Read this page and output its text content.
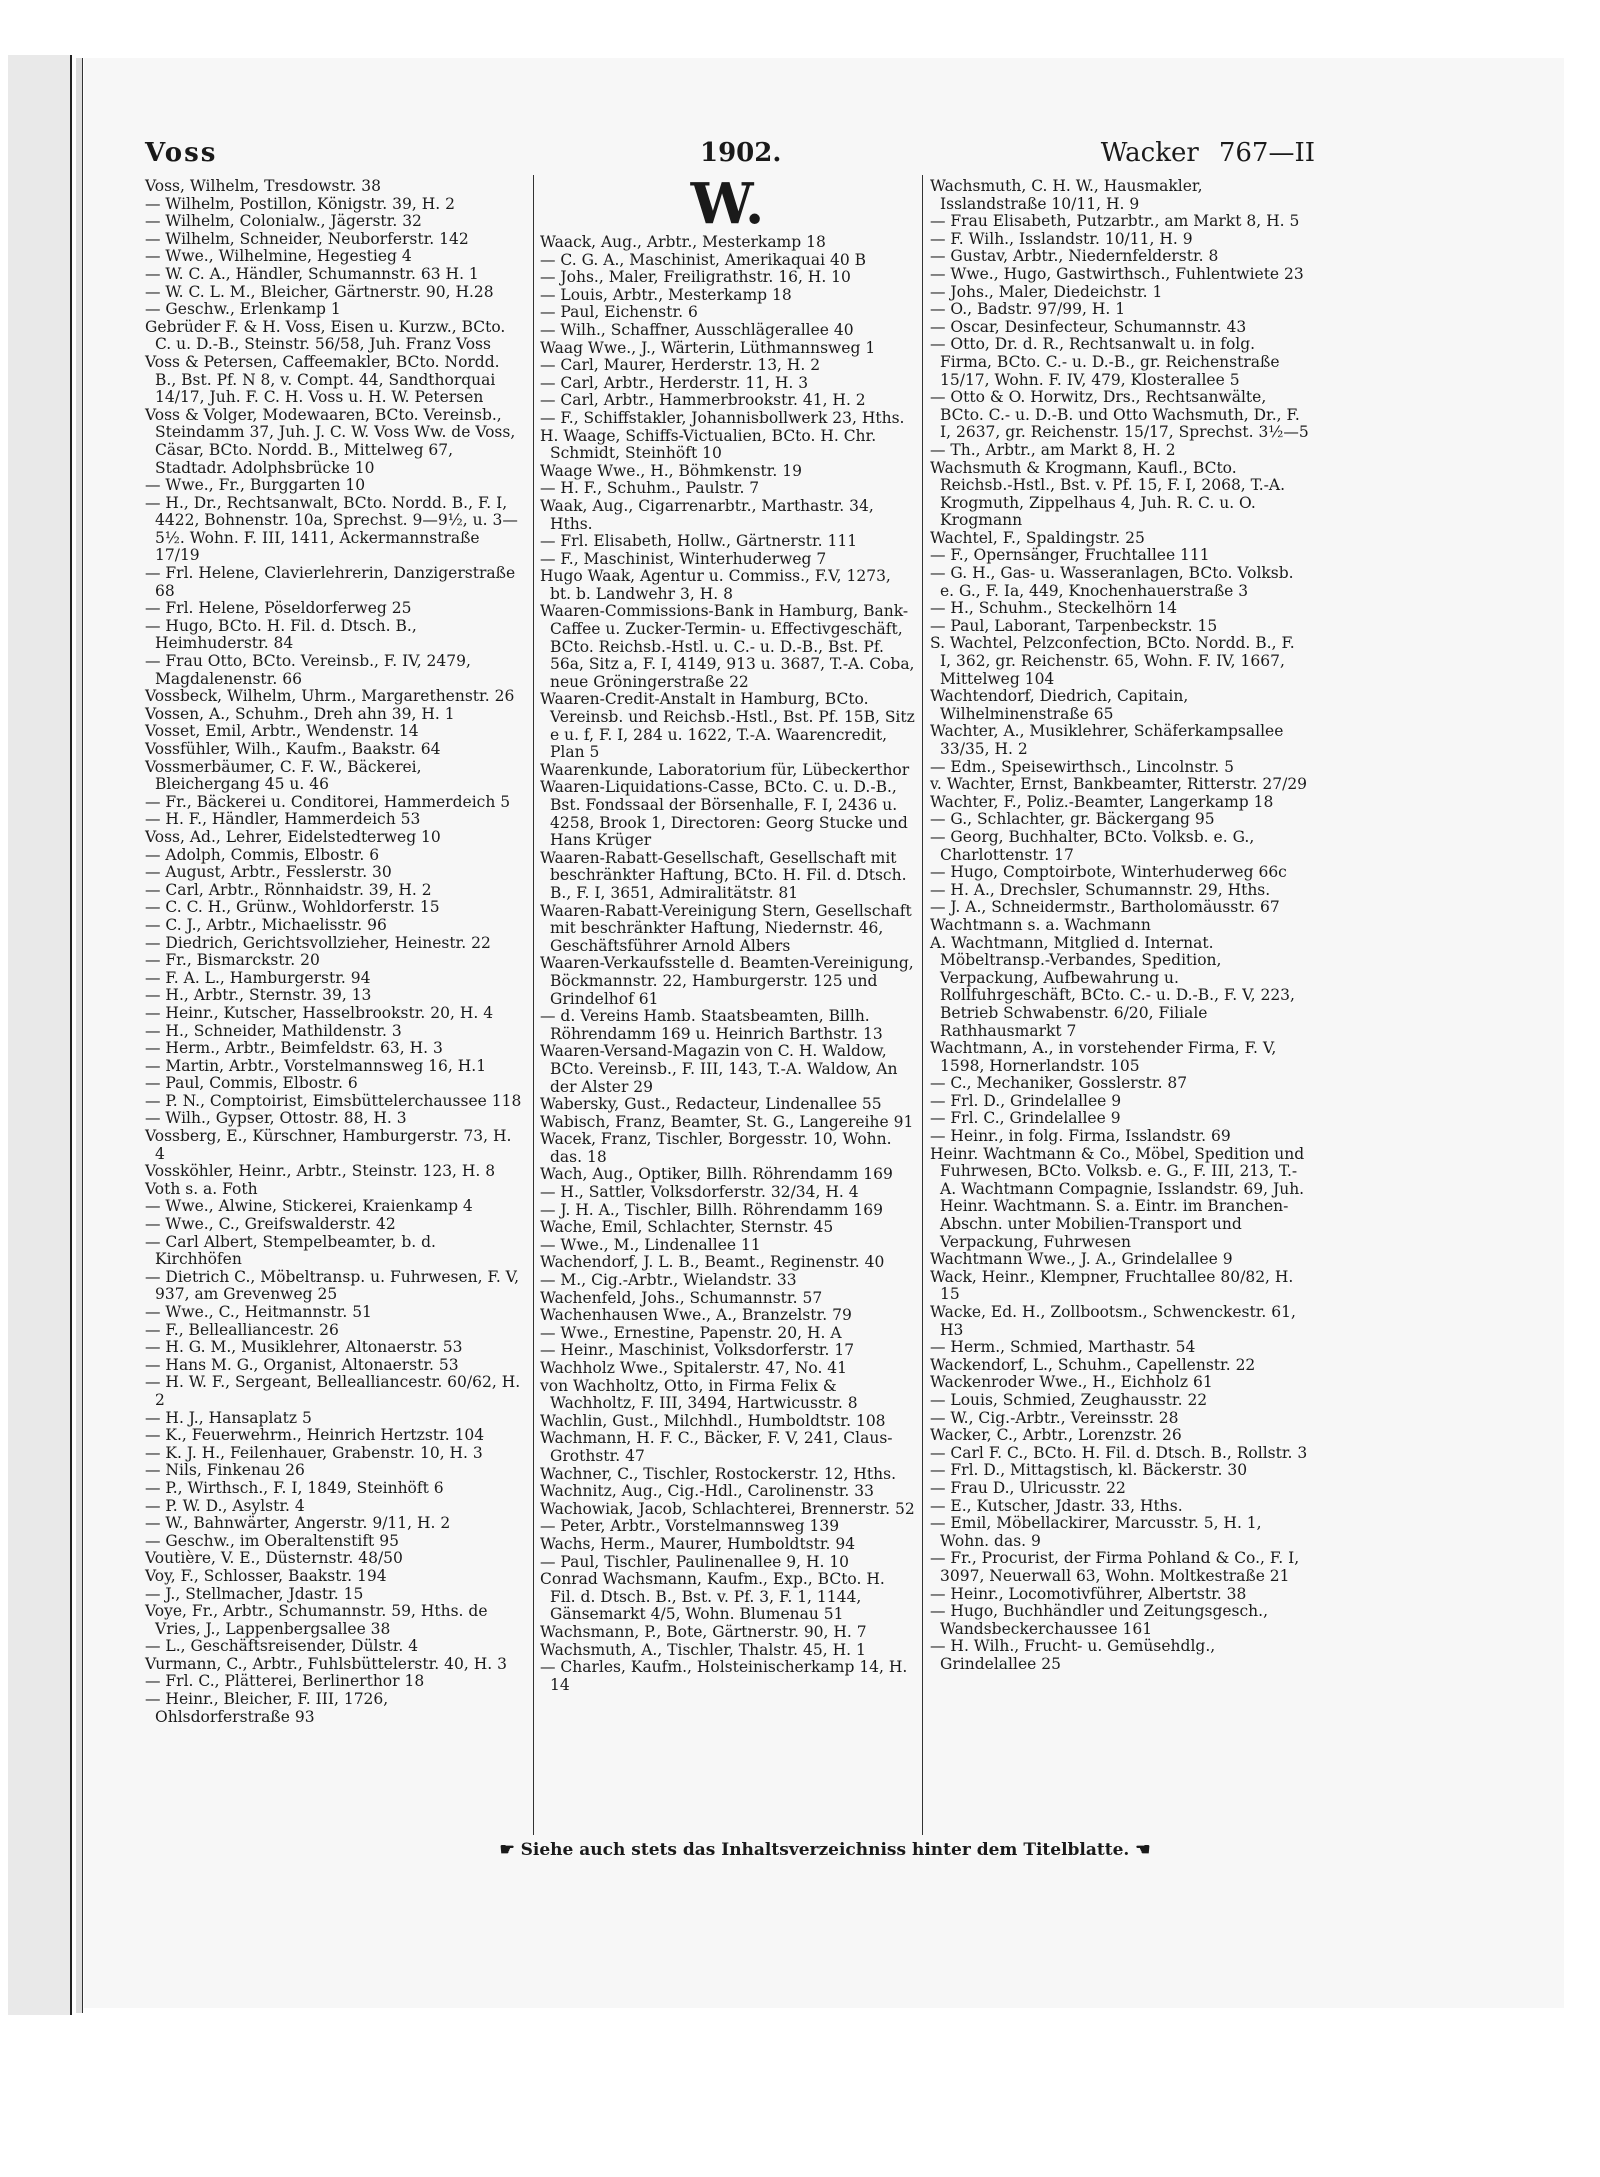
Voss	1902.	Wacker 767—II

Voss, Wilhelm, Tresdowstr. 38

— Wilhelm, Postillon, Königstr. 39, H. 2

— Wilhelm, Colonialw., Jägerstr. 32

— Wilhelm, Schneider, Neuborferstr. 142

— Wwe., Wilhelmine, Hegestieg 4

— W. C. A., Händler, Schumannstr. 63 H. 1

— W. C. L. M., Bleicher, Gärtnerstr. 90, H.28

— Geschw., Erlenkamp 1

Gebrüder F. & H. Voss, Eisen u. Kurzw., BCto. C. u. D.-B., Steinstr. 56/58, Juh. Franz Voss

Voss & Petersen, Caffeemakler, BCto. Nordd. B., Bst. Pf. N 8, v. Compt. 44, Sandthorquai 14/17, Juh. F. C. H. Voss u. H. W. Petersen

Voss & Volger, Modewaaren, BCto. Vereinsb., Steindamm 37, Juh. J. C. W. Voss Ww. de Voss, Cäsar, BCto. Nordd. B., Mittelweg 67, Stadtadr. Adolphsbrücke 10

— Wwe., Fr., Burggarten 10

— H., Dr., Rechtsanwalt, BCto. Nordd. B., F. I, 4422, Bohnenstr. 10a, Sprechst. 9—9½, u. 3—5½. Wohn. F. III, 1411, Ackermannstraße 17/19

— Frl. Helene, Clavierlehrerin, Danzigerstraße 68

— Frl. Helene, Pöseldorferweg 25

— Hugo, BCto. H. Fil. d. Dtsch. B., Heimhuderstr. 84

— Frau Otto, BCto. Vereinsb., F. IV, 2479, Magdalenenstr. 66

Vossbeck, Wilhelm, Uhrm., Margarethenstr. 26

Vossen, A., Schuhm., Dreh ahn 39, H. 1

Vosset, Emil, Arbtr., Wendenstr. 14

Vossfühler, Wilh., Kaufm., Baakstr. 64

Vossmerbäumer, C. F. W., Bäckerei, Bleichergang 45 u. 46

— Fr., Bäckerei u. Conditorei, Hammerdeich 5

— H. F., Händler, Hammerdeich 53

Voss, Ad., Lehrer, Eidelstedterweg 10

— Adolph, Commis, Elbostr. 6

— August, Arbtr., Fesslerstr. 30

— Carl, Arbtr., Rönnhaidstr. 39, H. 2

— C. C. H., Grünw., Wohldorferstr. 15

— C. J., Arbtr., Michaelisstr. 96

— Diedrich, Gerichtsvollzieher, Heinestr. 22

— Fr., Bismarckstr. 20

— F. A. L., Hamburgerstr. 94

— H., Arbtr., Sternstr. 39, 13

— Heinr., Kutscher, Hasselbrookstr. 20, H. 4

— H., Schneider, Mathildenstr. 3

— Herm., Arbtr., Beimfeldstr. 63, H. 3

— Martin, Arbtr., Vorstelmannsweg 16, H.1

— Paul, Commis, Elbostr. 6

— P. N., Comptoirist, Eimsbüttelerchaussee 118

— Wilh., Gypser, Ottostr. 88, H. 3

Vossberg, E., Kürschner, Hamburgerstr. 73, H. 4

Vossköhler, Heinr., Arbtr., Steinstr. 123, H. 8

Voth s. a. Foth

— Wwe., Alwine, Stickerei, Kraienkamp 4

— Wwe., C., Greifswalderstr. 42

— Carl Albert, Stempelbeamter, b. d. Kirchhöfen

— Dietrich C., Möbeltransp. u. Fuhrwesen, F. V, 937, am Grevenweg 25

— Wwe., C., Heitmannstr. 51

— F., Bellealliancestr. 26

— H. G. M., Musiklehrer, Altonaerstr. 53

— Hans M. G., Organist, Altonaerstr. 53

— H. W. F., Sergeant, Bellealliancestr. 60/62, H. 2

— H. J., Hansaplatz 5

— K., Feuerwehrm., Heinrich Hertzstr. 104

— K. J. H., Feilenhauer, Grabenstr. 10, H. 3

— Nils, Finkenau 26

— P., Wirthsch., F. I, 1849, Steinhöft 6

— P. W. D., Asylstr. 4

— W., Bahnwärter, Angerstr. 9/11, H. 2

— Geschw., im Oberaltenstift 95

Voutière, V. E., Düsternstr. 48/50

Voy, F., Schlosser, Baakstr. 194

— J., Stellmacher, Jdastr. 15

Voye, Fr., Arbtr., Schumannstr. 59, Hths. de Vries, J., Lappenbergsallee 38

— L., Geschäftsreisender, Dülstr. 4

Vurmann, C., Arbtr., Fuhlsbüttelerstr. 40, H. 3

— Frl. C., Plätterei, Berlinerthor 18

— Heinr., Bleicher, F. III, 1726, Ohlsdorferstraße 93

W.

Waack, Aug., Arbtr., Mesterkamp 18

— C. G. A., Maschinist, Amerikaquai 40 B

— Johs., Maler, Freiligrathstr. 16, H. 10

— Louis, Arbtr., Mesterkamp 18

— Paul, Eichenstr. 6

— Wilh., Schaffner, Ausschlägerallee 40

Waag Wwe., J., Wärterin, Lüthmannsweg 1

— Carl, Maurer, Herderstr. 13, H. 2

— Carl, Arbtr., Herderstr. 11, H. 3

— Carl, Arbtr., Hammerbrookstr. 41, H. 2

— F., Schiffstakler, Johannisbollwerk 23, Hths.

H. Waage, Schiffs-Victualien, BCto. H. Chr. Schmidt, Steinhöft 10

Waage Wwe., H., Böhmkenstr. 19

— H. F., Schuhm., Paulstr. 7

Waak, Aug., Cigarrenarbtr., Marthastr. 34, Hths.

— Frl. Elisabeth, Hollw., Gärtnerstr. 111

— F., Maschinist, Winterhuderweg 7

Hugo Waak, Agentur u. Commiss., F.V, 1273, bt. b. Landwehr 3, H. 8

Waaren-Commissions-Bank in Hamburg, Bank-Caffee u. Zucker-Termin- u. Effectivgeschäft, BCto. Reichsb.-Hstl. u. C.- u. D.-B., Bst. Pf. 56a, Sitz a, F. I, 4149, 913 u. 3687, T.-A. Coba, neue Gröningerstraße 22

Waaren-Credit-Anstalt in Hamburg, BCto. Vereinsb. und Reichsb.-Hstl., Bst. Pf. 15B, Sitz e u. f, F. I, 284 u. 1622, T.-A. Waarencredit, Plan 5

Waarenkunde, Laboratorium für, Lübeckerthor

Waaren-Liquidations-Casse, BCto. C. u. D.-B., Bst. Fondssaal der Börsenhalle, F. I, 2436 u. 4258, Brook 1, Directoren: Georg Stucke und Hans Krüger

Waaren-Rabatt-Gesellschaft, Gesellschaft mit beschränkter Haftung, BCto. H. Fil. d. Dtsch. B., F. I, 3651, Admiralitätstr. 81

Waaren-Rabatt-Vereinigung Stern, Gesellschaft mit beschränkter Haftung, Niedernstr. 46, Geschäftsführer Arnold Albers

Waaren-Verkaufsstelle d. Beamten-Vereinigung, Böckmannstr. 22, Hamburgerstr. 125 und Grindelhof 61

— d. Vereins Hamb. Staatsbeamten, Billh. Röhrendamm 169 u. Heinrich Barthstr. 13

Waaren-Versand-Magazin von C. H. Waldow, BCto. Vereinsb., F. III, 143, T.-A. Waldow, An der Alster 29

Wabersky, Gust., Redacteur, Lindenallee 55

Wabisch, Franz, Beamter, St. G., Langereihe 91

Wacek, Franz, Tischler, Borgesstr. 10, Wohn. das. 18

Wach, Aug., Optiker, Billh. Röhrendamm 169

— H., Sattler, Volksdorferstr. 32/34, H. 4

— J. H. A., Tischler, Billh. Röhrendamm 169

Wache, Emil, Schlachter, Sternstr. 45

— Wwe., M., Lindenallee 11

Wachendorf, J. L. B., Beamt., Reginenstr. 40

— M., Cig.-Arbtr., Wielandstr. 33

Wachenfeld, Johs., Schumannstr. 57

Wachenhausen Wwe., A., Branzelstr. 79

— Wwe., Ernestine, Papenstr. 20, H. A

— Heinr., Maschinist, Volksdorferstr. 17

Wachholz Wwe., Spitalerstr. 47, No. 41

von Wachholtz, Otto, in Firma Felix & Wachholtz, F. III, 3494, Hartwicusstr. 8

Wachlin, Gust., Milchhdl., Humboldtstr. 108

Wachmann, H. F. C., Bäcker, F. V, 241, Claus-Grothstr. 47

Wachner, C., Tischler, Rostockerstr. 12, Hths.

Wachnitz, Aug., Cig.-Hdl., Carolinenstr. 33

Wachowiak, Jacob, Schlachterei, Brennerstr. 52

— Peter, Arbtr., Vorstelmannsweg 139

Wachs, Herm., Maurer, Humboldtstr. 94

— Paul, Tischler, Paulinenallee 9, H. 10

Conrad Wachsmann, Kaufm., Exp., BCto. H. Fil. d. Dtsch. B., Bst. v. Pf. 3, F. 1, 1144, Gänsemarkt 4/5, Wohn. Blumenau 51

Wachsmann, P., Bote, Gärtnerstr. 90, H. 7

Wachsmuth, A., Tischler, Thalstr. 45, H. 1

— Charles, Kaufm., Holsteinischerkamp 14, H. 14

Wachsmuth, C. H. W., Hausmakler, Isslandstraße 10/11, H. 9

— Frau Elisabeth, Putzarbtr., am Markt 8, H. 5

— F. Wilh., Isslandstr. 10/11, H. 9

— Gustav, Arbtr., Niedernfelderstr. 8

— Wwe., Hugo, Gastwirthsch., Fuhlentwiete 23

— Johs., Maler, Diedeichstr. 1

— O., Badstr. 97/99, H. 1

— Oscar, Desinfecteur, Schumannstr. 43

— Otto, Dr. d. R., Rechtsanwalt u. in folg. Firma, BCto. C.- u. D.-B., gr. Reichenstraße 15/17, Wohn. F. IV, 479, Klosterallee 5

— Otto & O. Horwitz, Drs., Rechtsanwälte, BCto. C.- u. D.-B. und Otto Wachsmuth, Dr., F. I, 2637, gr. Reichenstr. 15/17, Sprechst. 3½—5

— Th., Arbtr., am Markt 8, H. 2

Wachsmuth & Krogmann, Kaufl., BCto. Reichsb.-Hstl., Bst. v. Pf. 15, F. I, 2068, T.-A. Krogmuth, Zippelhaus 4, Juh. R. C. u. O. Krogmann

Wachtel, F., Spaldingstr. 25

— F., Opernsänger, Fruchtallee 111

— G. H., Gas- u. Wasseranlagen, BCto. Volksb. e. G., F. Ia, 449, Knochenhauerstraße 3

— H., Schuhm., Steckelhörn 14

— Paul, Laborant, Tarpenbeckstr. 15

S. Wachtel, Pelzconfection, BCto. Nordd. B., F. I, 362, gr. Reichenstr. 65, Wohn. F. IV, 1667, Mittelweg 104

Wachtendorf, Diedrich, Capitain, Wilhelminenstraße 65

Wachter, A., Musiklehrer, Schäferkampsallee 33/35, H. 2

— Edm., Speisewirthsch., Lincolnstr. 5

v. Wachter, Ernst, Bankbeamter, Ritterstr. 27/29

Wachter, F., Poliz.-Beamter, Langerkamp 18

— G., Schlachter, gr. Bäckergang 95

— Georg, Buchhalter, BCto. Volksb. e. G., Charlottenstr. 17

— Hugo, Comptoirbote, Winterhuderweg 66c

— H. A., Drechsler, Schumannstr. 29, Hths.

— J. A., Schneidermstr., Bartholomäusstr. 67

Wachtmann s. a. Wachmann

A. Wachtmann, Mitglied d. Internat. Möbeltransp.-Verbandes, Spedition, Verpackung, Aufbewahrung u. Rollfuhrgeschäft, BCto. C.- u. D.-B., F. V, 223, Betrieb Schwabenstr. 6/20, Filiale Rathhausmarkt 7

Wachtmann, A., in vorstehender Firma, F. V, 1598, Hornerlandstr. 105

— C., Mechaniker, Gosslerstr. 87

— Frl. D., Grindelallee 9

— Frl. C., Grindelallee 9

— Heinr., in folg. Firma, Isslandstr. 69

Heinr. Wachtmann & Co., Möbel, Spedition und Fuhrwesen, BCto. Volksb. e. G., F. III, 213, T.-A. Wachtmann Compagnie, Isslandstr. 69, Juh. Heinr. Wachtmann. S. a. Eintr. im Branchen-Abschn. unter Mobilien-Transport und Verpackung, Fuhrwesen

Wachtmann Wwe., J. A., Grindelallee 9

Wack, Heinr., Klempner, Fruchtallee 80/82, H. 15

Wacke, Ed. H., Zollbootsm., Schwenckestr. 61, H3

— Herm., Schmied, Marthastr. 54

Wackendorf, L., Schuhm., Capellenstr. 22

Wackenroder Wwe., H., Eichholz 61

— Louis, Schmied, Zeughausstr. 22

— W., Cig.-Arbtr., Vereinsstr. 28

Wacker, C., Arbtr., Lorenzstr. 26

— Carl F. C., BCto. H. Fil. d. Dtsch. B., Rollstr. 3

— Frl. D., Mittagstisch, kl. Bäckerstr. 30

— Frau D., Ulricusstr. 22

— E., Kutscher, Jdastr. 33, Hths.

— Emil, Möbellackirer, Marcusstr. 5, H. 1, Wohn. das. 9

— Fr., Procurist, der Firma Pohland & Co., F. I, 3097, Neuerwall 63, Wohn. Moltkestraße 21

— Heinr., Locomotivführer, Albertstr. 38

— Hugo, Buchhändler und Zeitungsgesch., Wandsbeckerchaussee 161

— H. Wilh., Frucht- u. Gemüsehdlg., Grindelallee 25

☛ Siehe auch stets das Inhaltsverzeichniss hinter dem Titelblatte. ☚
